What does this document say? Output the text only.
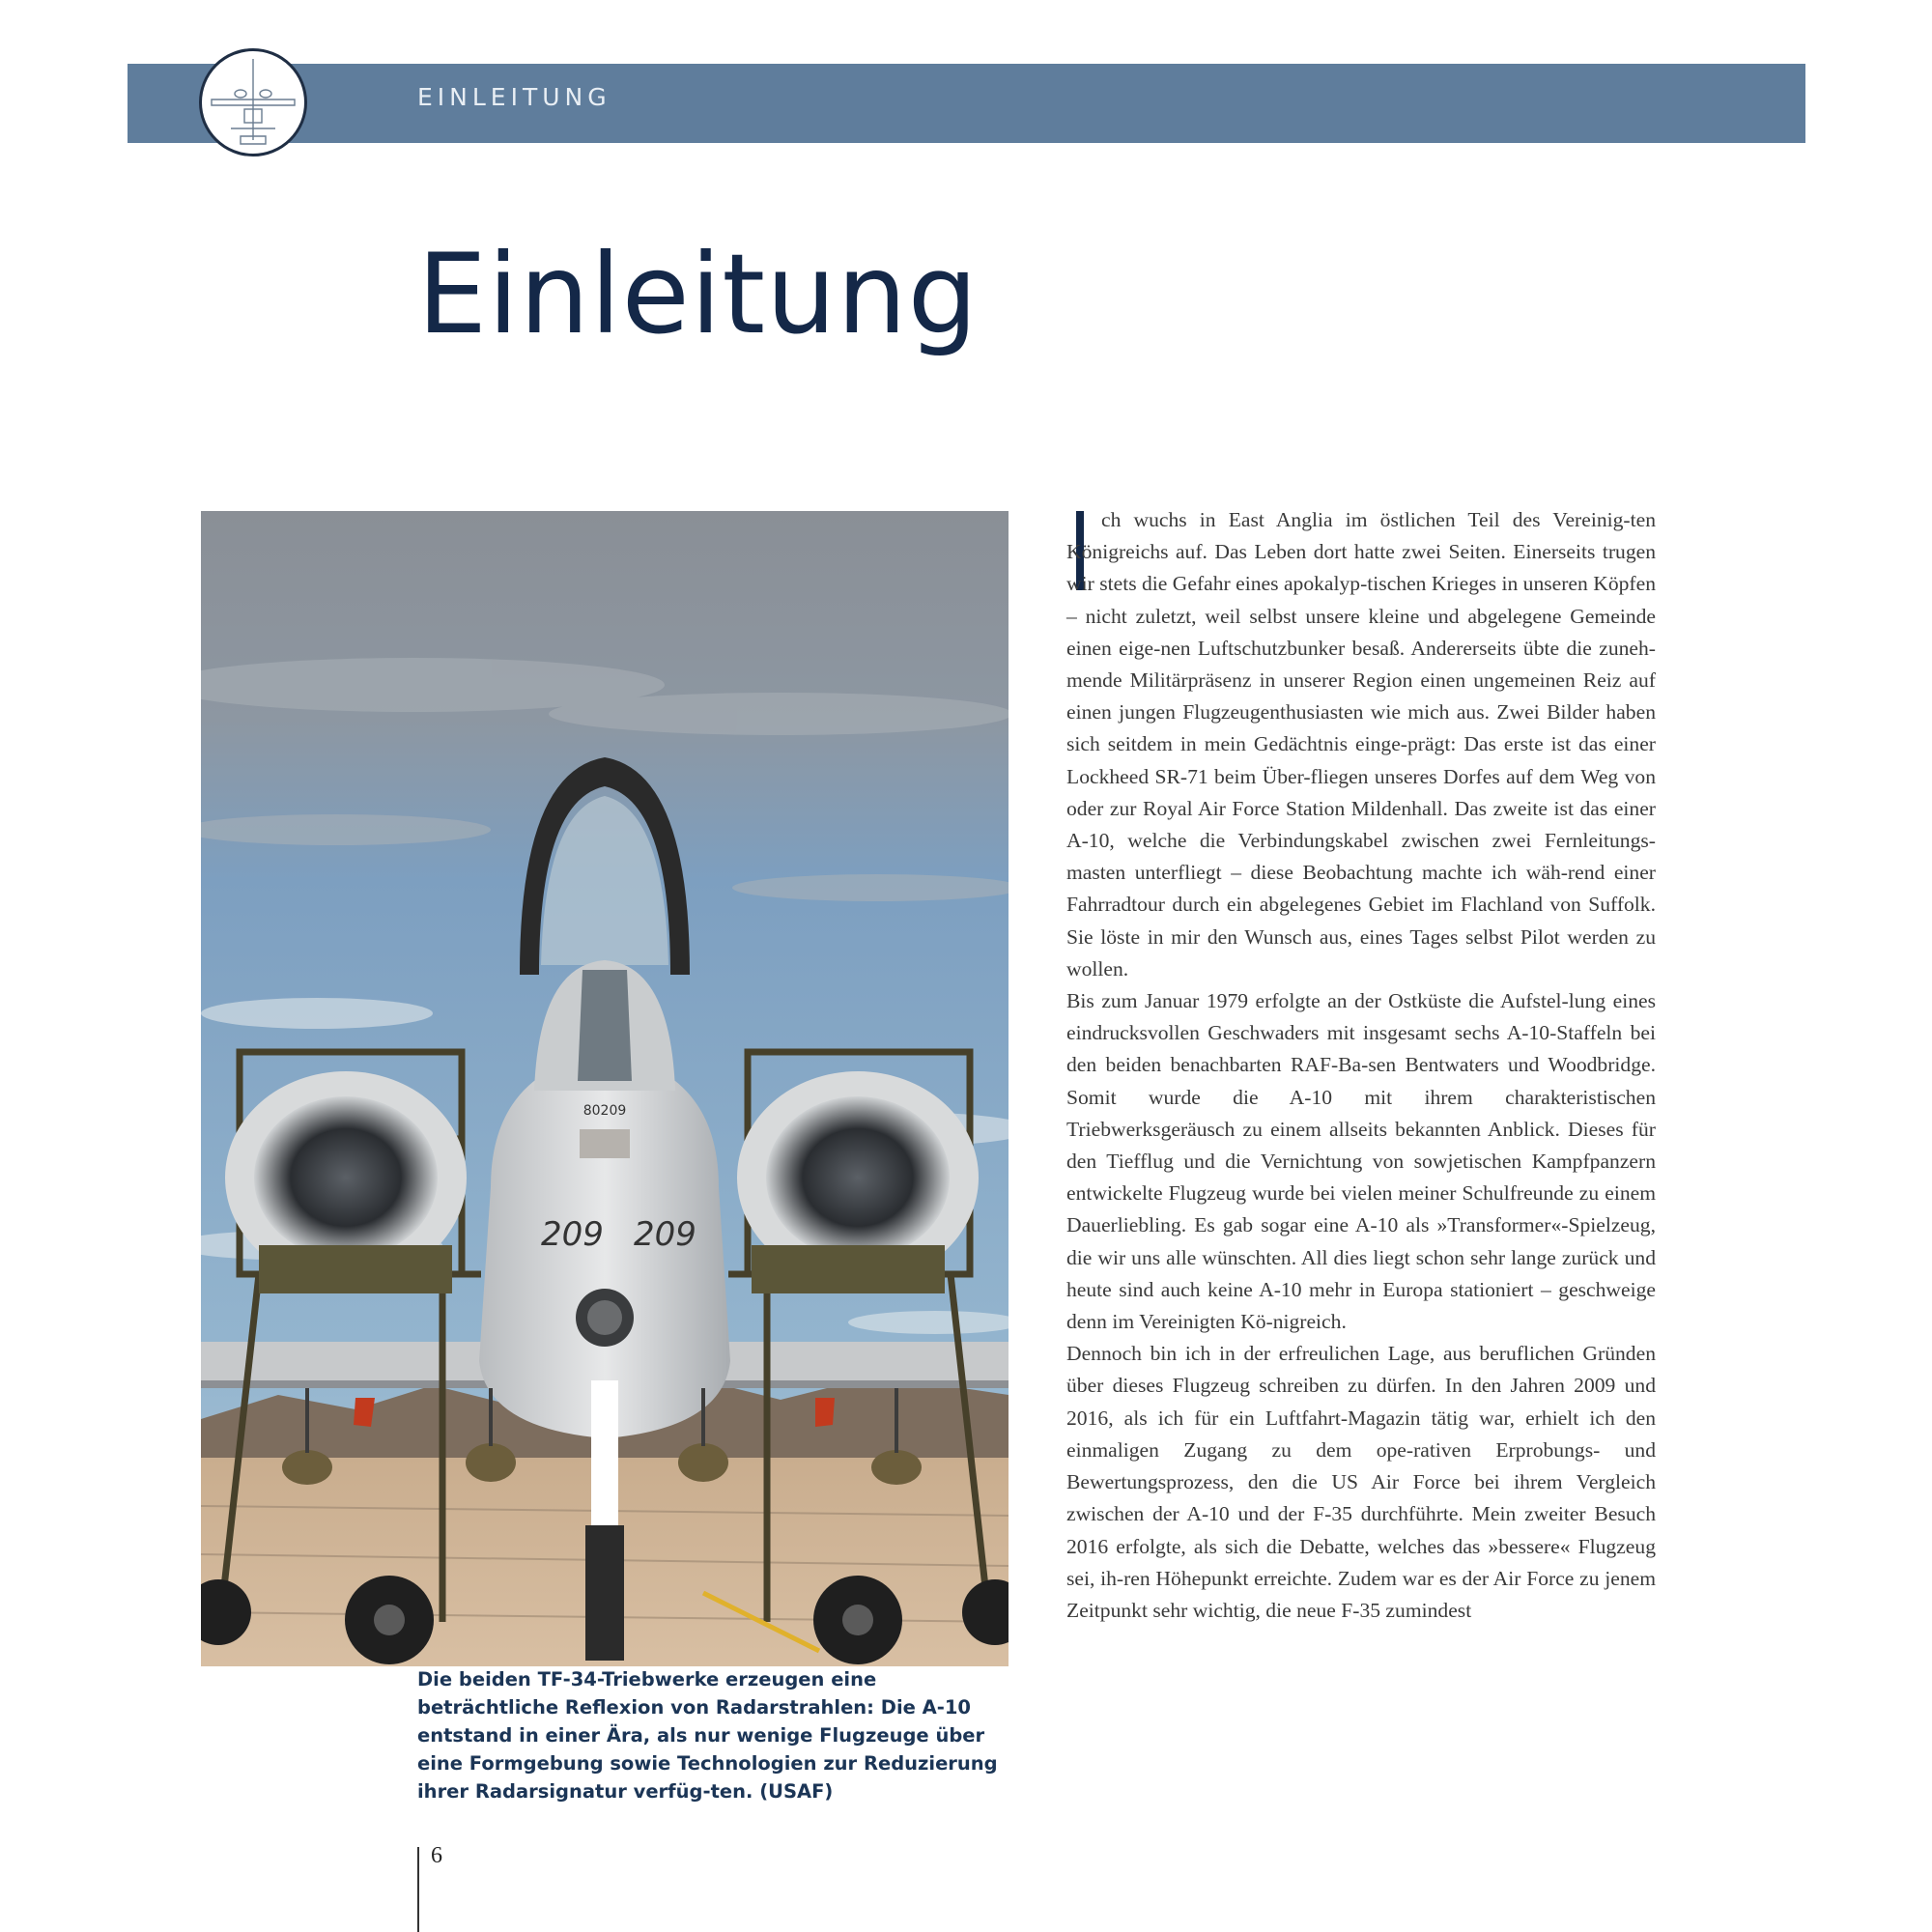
EINLEITUNG
Einleitung
80209
209 209
Die beiden TF-34-Triebwerke erzeugen eine beträchtliche Reflexion von Radarstrahlen: Die A-10 entstand in einer Ära, als nur wenige Flugzeuge über eine Formgebung sowie Technologien zur Reduzierung ihrer Radarsignatur verfüg-ten. (USAF)

ch wuchs in East Anglia im östlichen Teil des Vereinig-ten Königreichs auf. Das Leben dort hatte zwei Seiten. Einerseits trugen wir stets die Gefahr eines apokalyp-tischen Krieges in unseren Köpfen – nicht zuletzt, weil selbst unsere kleine und abgelegene Gemeinde einen eige-nen Luftschutzbunker besaß. Andererseits übte die zuneh-mende Militärpräsenz in unserer Region einen ungemeinen Reiz auf einen jungen Flugzeugenthusiasten wie mich aus. Zwei Bilder haben sich seitdem in mein Gedächtnis einge-prägt: Das erste ist das einer Lockheed SR-71 beim Über-fliegen unseres Dorfes auf dem Weg von oder zur Royal Air Force Station Mildenhall. Das zweite ist das einer A-10, welche die Verbindungskabel zwischen zwei Fernleitungs-masten unterfliegt – diese Beobachtung machte ich wäh-rend einer Fahrradtour durch ein abgelegenes Gebiet im Flachland von Suffolk. Sie löste in mir den Wunsch aus, eines Tages selbst Pilot werden zu wollen.

Bis zum Januar 1979 erfolgte an der Ostküste die Aufstel-lung eines eindrucksvollen Geschwaders mit insgesamt sechs A-10-Staffeln bei den beiden benachbarten RAF-Ba-sen Bentwaters und Woodbridge. Somit wurde die A-10 mit ihrem charakteristischen Triebwerksgeräusch zu einem allseits bekannten Anblick. Dieses für den Tiefflug und die Vernichtung von sowjetischen Kampfpanzern entwickelte Flugzeug wurde bei vielen meiner Schulfreunde zu einem Dauerliebling. Es gab sogar eine A-10 als »Transformer«-Spielzeug, die wir uns alle wünschten. All dies liegt schon sehr lange zurück und heute sind auch keine A-10 mehr in Europa stationiert – geschweige denn im Vereinigten Kö-nigreich.

Dennoch bin ich in der erfreulichen Lage, aus beruflichen Gründen über dieses Flugzeug schreiben zu dürfen. In den Jahren 2009 und 2016, als ich für ein Luftfahrt-Magazin tätig war, erhielt ich den einmaligen Zugang zu dem ope-rativen Erprobungs- und Bewertungsprozess, den die US Air Force bei ihrem Vergleich zwischen der A-10 und der F-35 durchführte. Mein zweiter Besuch 2016 erfolgte, als sich die Debatte, welches das »bessere« Flugzeug sei, ih-ren Höhepunkt erreichte. Zudem war es der Air Force zu jenem Zeitpunkt sehr wichtig, die neue F-35 zumindest

6
